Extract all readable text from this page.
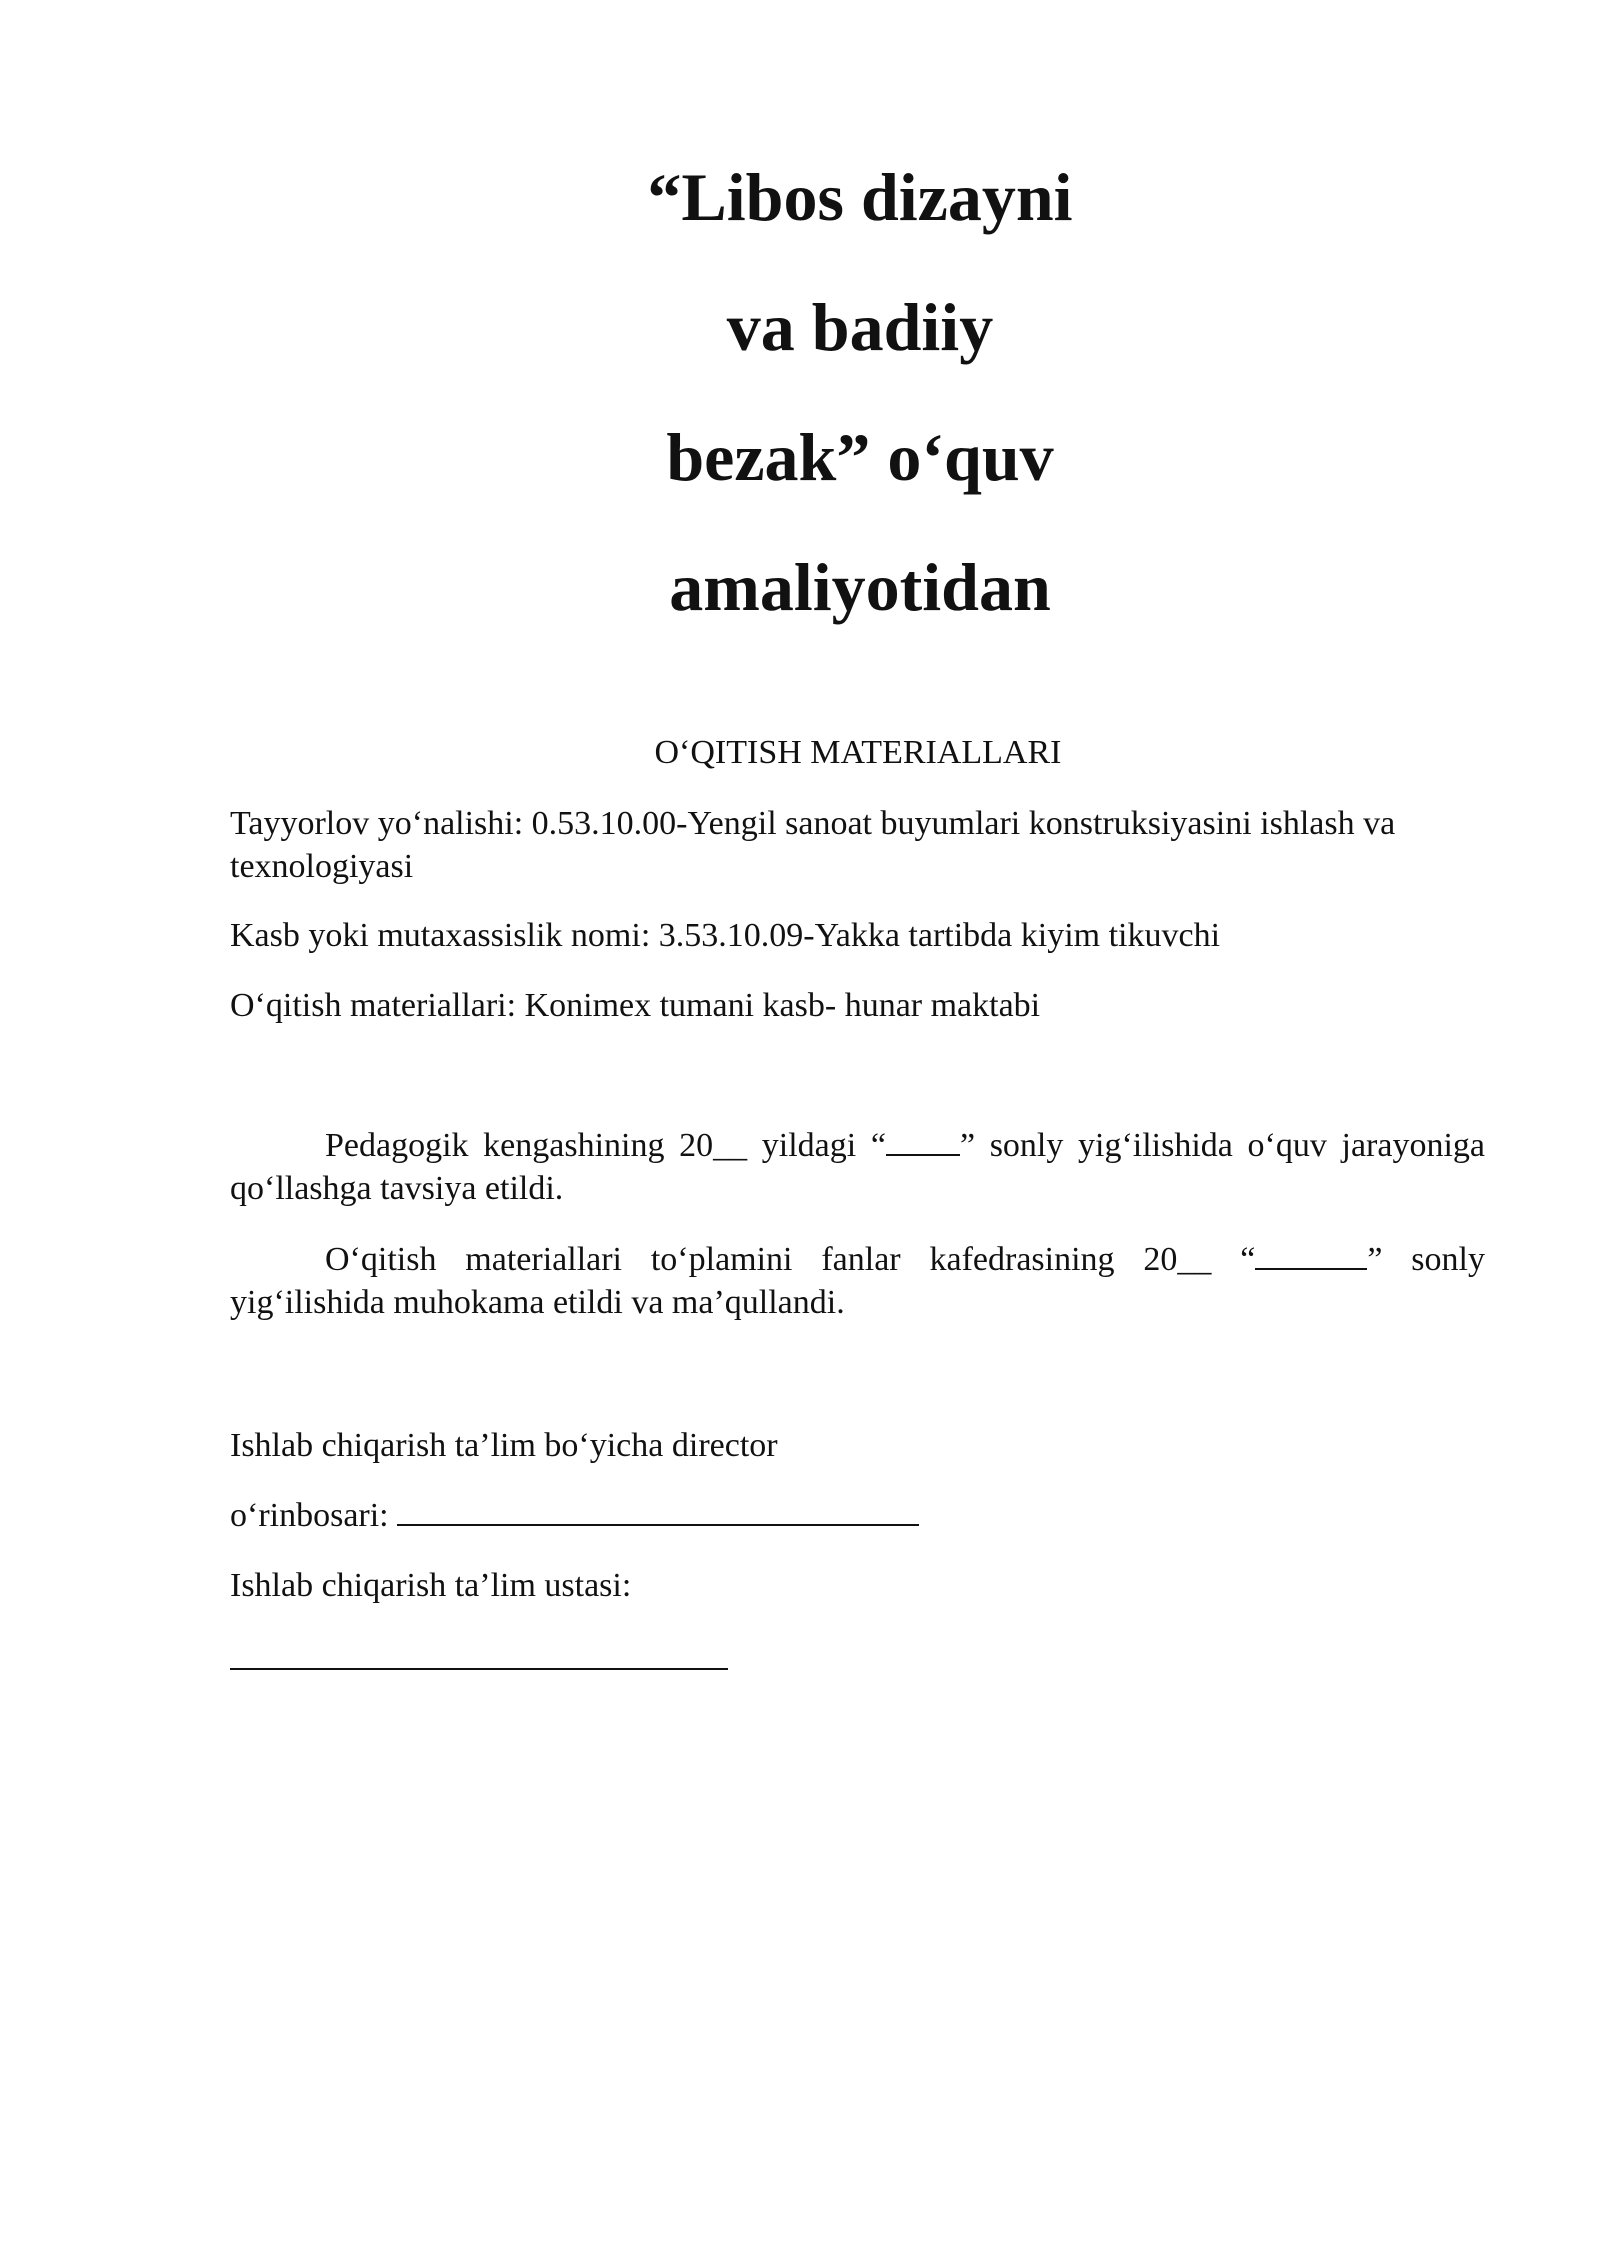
“Libos dizayni
va badiiy
bezak” o‘quv
amaliyotidan
O‘QITISH MATERIALLARI
Tayyorlov yo‘nalishi: 0.53.10.00-Yengil sanoat buyumlari konstruksiyasini ishlash va texnologiyasi
Kasb yoki mutaxassislik nomi: 3.53.10.09-Yakka tartibda kiyim tikuvchi
O‘qitish materiallari: Konimex tumani kasb- hunar maktabi
Pedagogik kengashining 20__ yildagi “ ” sonly yig‘ilishida o‘quv jarayoniga qo‘llashga tavsiya etildi.
O‘qitish materiallari to‘plamini fanlar kafedrasining 20__ “	” sonly yig‘ilishida muhokama etildi va ma’qullandi.
Ishlab chiqarish ta’lim bo‘yicha director
o‘rinbosari:
Ishlab chiqarish ta’lim ustasi:
